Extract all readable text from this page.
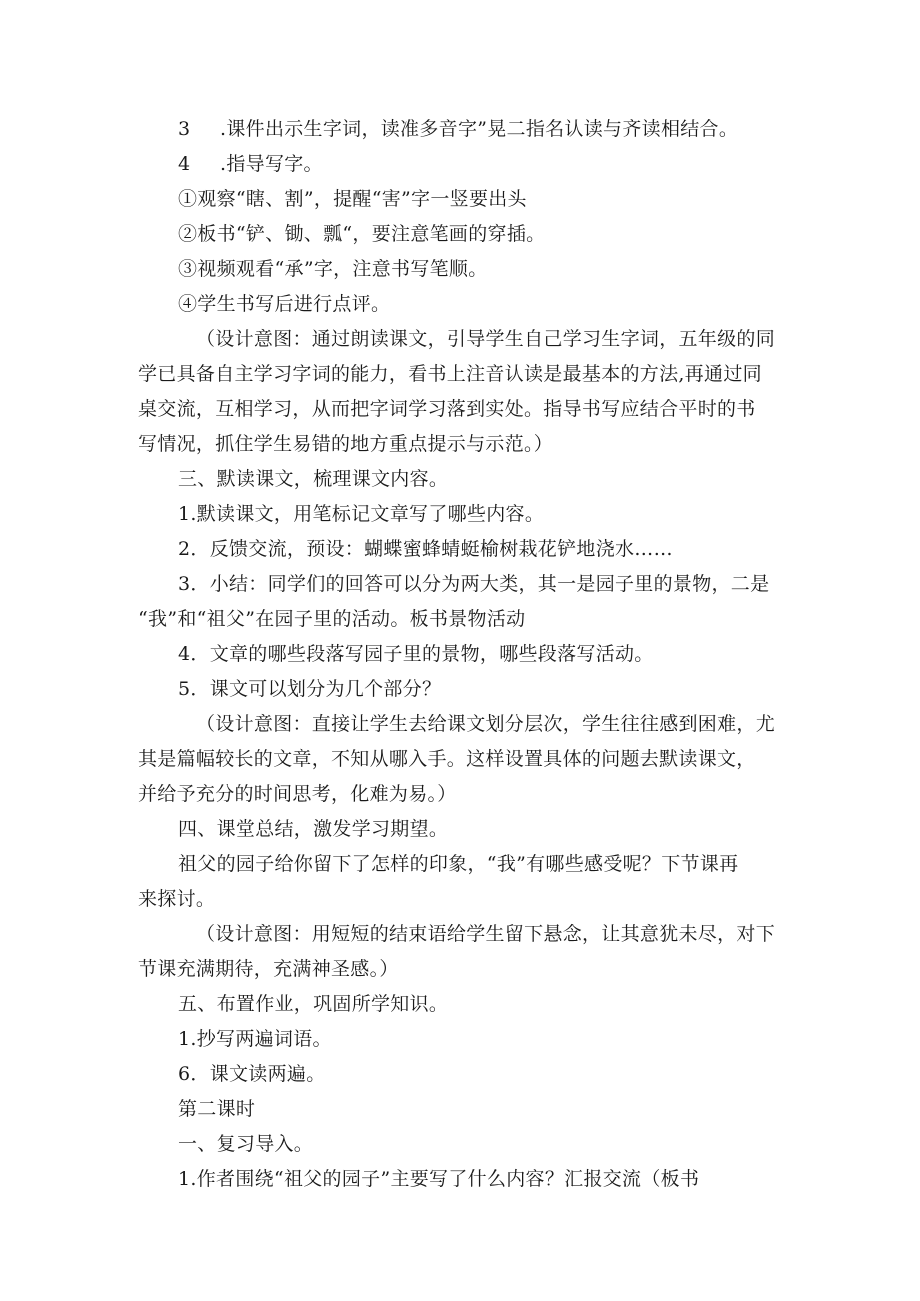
3 .课件出示生字词，读准多音字”晃二指名认读与齐读相结合。
4 .指导写字。
①观察“瞎、割”，提醒“害”字一竖要出头
②板书“铲、锄、瓢“，要注意笔画的穿插。
③视频观看“承”字，注意书写笔顺。
④学生书写后进行点评。
（设计意图：通过朗读课文，引导学生自己学习生字词，五年级的同
学已具备自主学习字词的能力，看书上注音认读是最基本的方法,再通过同
桌交流，互相学习，从而把字词学习落到实处。指导书写应结合平时的书
写情况，抓住学生易错的地方重点提示与示范。）
三、默读课文，梳理课文内容。
1.默读课文，用笔标记文章写了哪些内容。
2．反馈交流，预设：蝴蝶蜜蜂蜻蜓榆树栽花铲地浇水……
3．小结：同学们的回答可以分为两大类，其一是园子里的景物，二是
“我”和“祖父”在园子里的活动。板书景物活动
4．文章的哪些段落写园子里的景物，哪些段落写活动。
5．课文可以划分为几个部分？
（设计意图：直接让学生去给课文划分层次，学生往往感到困难，尤
其是篇幅较长的文章，不知从哪入手。这样设置具体的问题去默读课文，
并给予充分的时间思考，化难为易。）
四、课堂总结，激发学习期望。
祖父的园子给你留下了怎样的印象，“我”有哪些感受呢？下节课再
来探讨。
（设计意图：用短短的结束语给学生留下悬念，让其意犹未尽，对下
节课充满期待，充满神圣感。）
五、布置作业，巩固所学知识。
1.抄写两遍词语。
6．课文读两遍。
第二课时
一、复习导入。
1.作者围绕“祖父的园子”主要写了什么内容？汇报交流（板书
